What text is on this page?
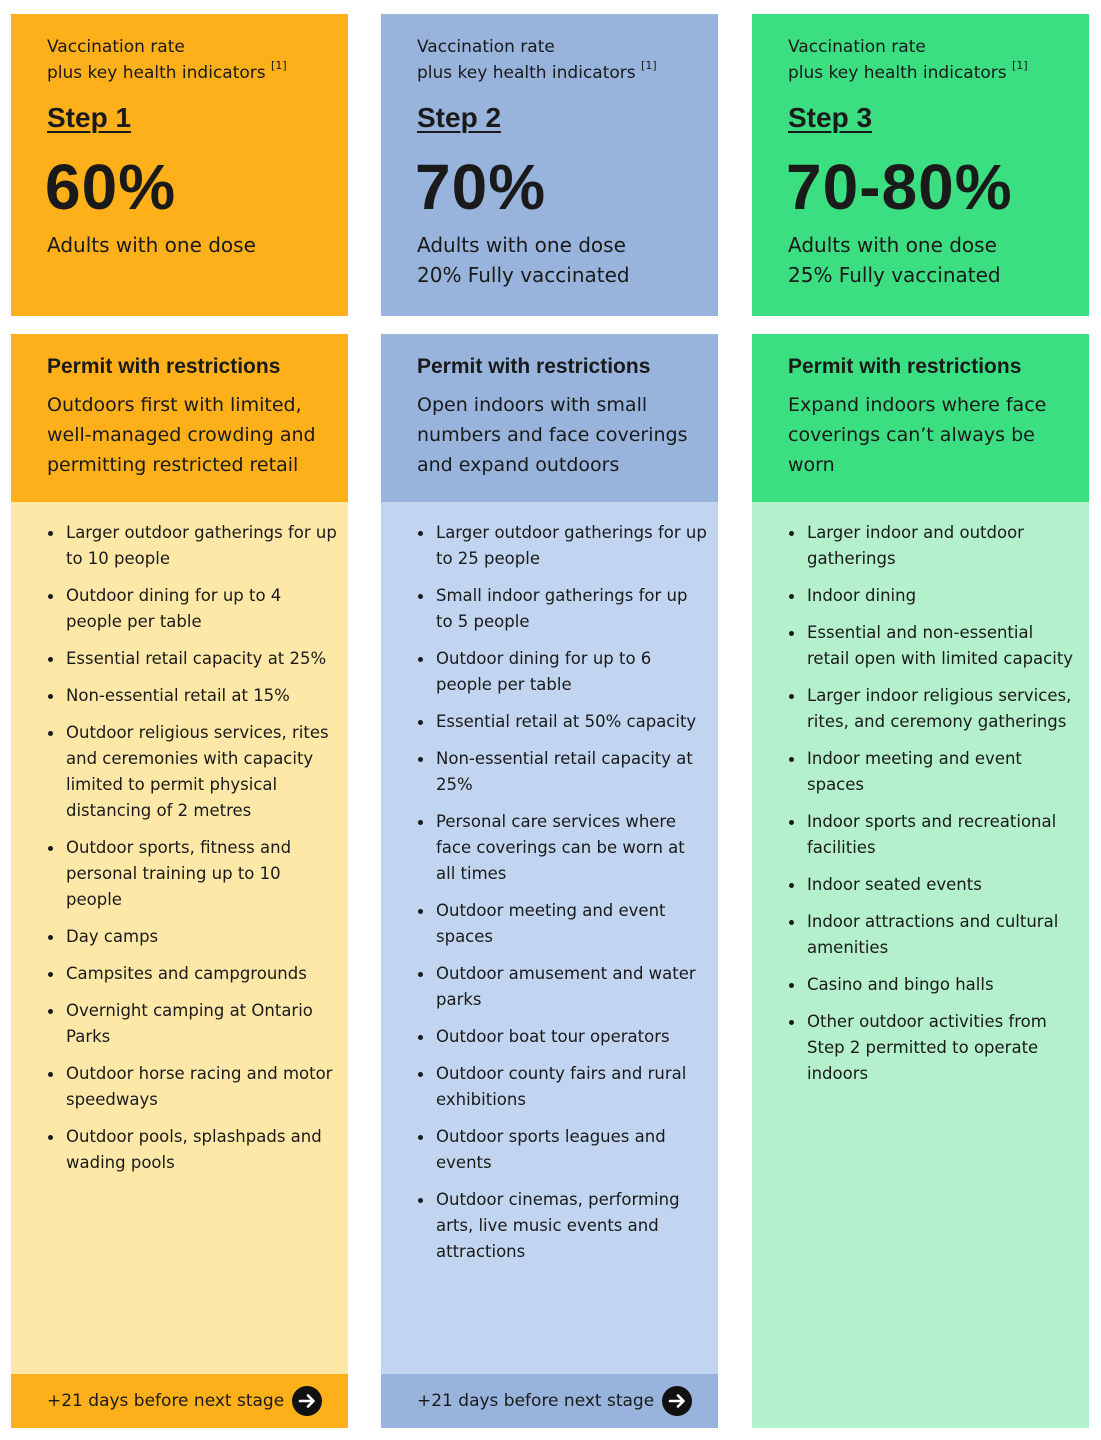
Vaccination rate
plus key health indicators [1]

Step 1
60%
Adults with one dose
Permit with restrictions

Outdoors first with limited, well-managed crowding and permitting restricted retail

Larger outdoor gatherings for up to 10 people
Outdoor dining for up to 4 people per table
Essential retail capacity at 25%
Non-essential retail at 15%
Outdoor religious services, rites and ceremonies with capacity limited to permit physical distancing of 2 metres
Outdoor sports, fitness and personal training up to 10 people
Day camps
Campsites and campgrounds
Overnight camping at Ontario Parks
Outdoor horse racing and motor speedways
Outdoor pools, splashpads and wading pools
+21 days before next stage

Vaccination rate
plus key health indicators [1]

Step 2
70%
Adults with one dose
20% Fully vaccinated
Permit with restrictions

Open indoors with small numbers and face coverings and expand outdoors

Larger outdoor gatherings for up to 25 people
Small indoor gatherings for up to 5 people
Outdoor dining for up to 6 people per table
Essential retail at 50% capacity
Non-essential retail capacity at 25%
Personal care services where face coverings can be worn at all times
Outdoor meeting and event spaces
Outdoor amusement and water parks
Outdoor boat tour operators
Outdoor county fairs and rural exhibitions
Outdoor sports leagues and events
Outdoor cinemas, performing arts, live music events and attractions
+21 days before next stage

Vaccination rate
plus key health indicators [1]

Step 3
70-80%
Adults with one dose
25% Fully vaccinated
Permit with restrictions

Expand indoors where face coverings can’t always be worn

Larger indoor and outdoor gatherings
Indoor dining
Essential and non-essential retail open with limited capacity
Larger indoor religious services, rites, and ceremony gatherings
Indoor meeting and event spaces
Indoor sports and recreational facilities
Indoor seated events
Indoor attractions and cultural amenities
Casino and bingo halls
Other outdoor activities from Step 2 permitted to operate indoors
